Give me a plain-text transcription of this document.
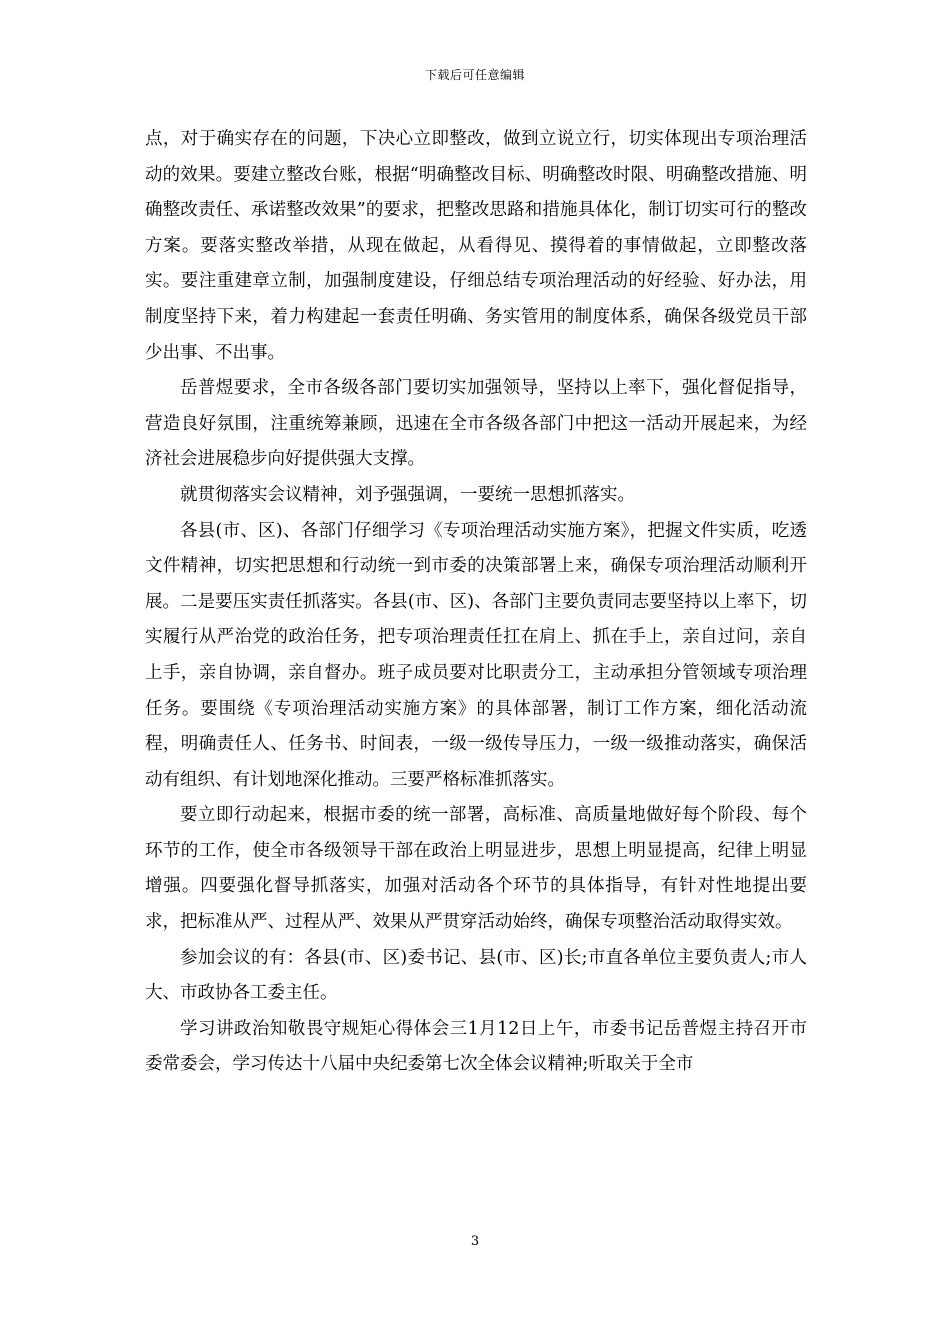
下载后可任意编辑

点，对于确实存在的问题，下决心立即整改，做到立说立行，切实体现出专项治理活动的效果。要建立整改台账，根据“明确整改目标、明确整改时限、明确整改措施、明确整改责任、承诺整改效果”的要求，把整改思路和措施具体化，制订切实可行的整改方案。要落实整改举措，从现在做起，从看得见、摸得着的事情做起，立即整改落实。要注重建章立制，加强制度建设，仔细总结专项治理活动的好经验、好办法，用制度坚持下来，着力构建起一套责任明确、务实管用的制度体系，确保各级党员干部少出事、不出事。

岳普煜要求，全市各级各部门要切实加强领导，坚持以上率下，强化督促指导，营造良好氛围，注重统筹兼顾，迅速在全市各级各部门中把这一活动开展起来，为经济社会进展稳步向好提供强大支撑。

就贯彻落实会议精神，刘予强强调，一要统一思想抓落实。

各县(市、区)、各部门仔细学习《专项治理活动实施方案》，把握文件实质，吃透文件精神，切实把思想和行动统一到市委的决策部署上来，确保专项治理活动顺利开展。二是要压实责任抓落实。各县(市、区)、各部门主要负责同志要坚持以上率下，切实履行从严治党的政治任务，把专项治理责任扛在肩上、抓在手上，亲自过问，亲自上手，亲自协调，亲自督办。班子成员要对比职责分工，主动承担分管领域专项治理任务。要围绕《专项治理活动实施方案》的具体部署，制订工作方案，细化活动流程，明确责任人、任务书、时间表，一级一级传导压力，一级一级推动落实，确保活动有组织、有计划地深化推动。三要严格标准抓落实。

要立即行动起来，根据市委的统一部署，高标准、高质量地做好每个阶段、每个环节的工作，使全市各级领导干部在政治上明显进步，思想上明显提高，纪律上明显增强。四要强化督导抓落实，加强对活动各个环节的具体指导，有针对性地提出要求，把标准从严、过程从严、效果从严贯穿活动始终，确保专项整治活动取得实效。

参加会议的有：各县(市、区)委书记、县(市、区)长;市直各单位主要负责人;市人大、市政协各工委主任。

学习讲政治知敬畏守规矩心得体会三1月12日上午，市委书记岳普煜主持召开市委常委会，学习传达十八届中央纪委第七次全体会议精神;听取关于全市

3
